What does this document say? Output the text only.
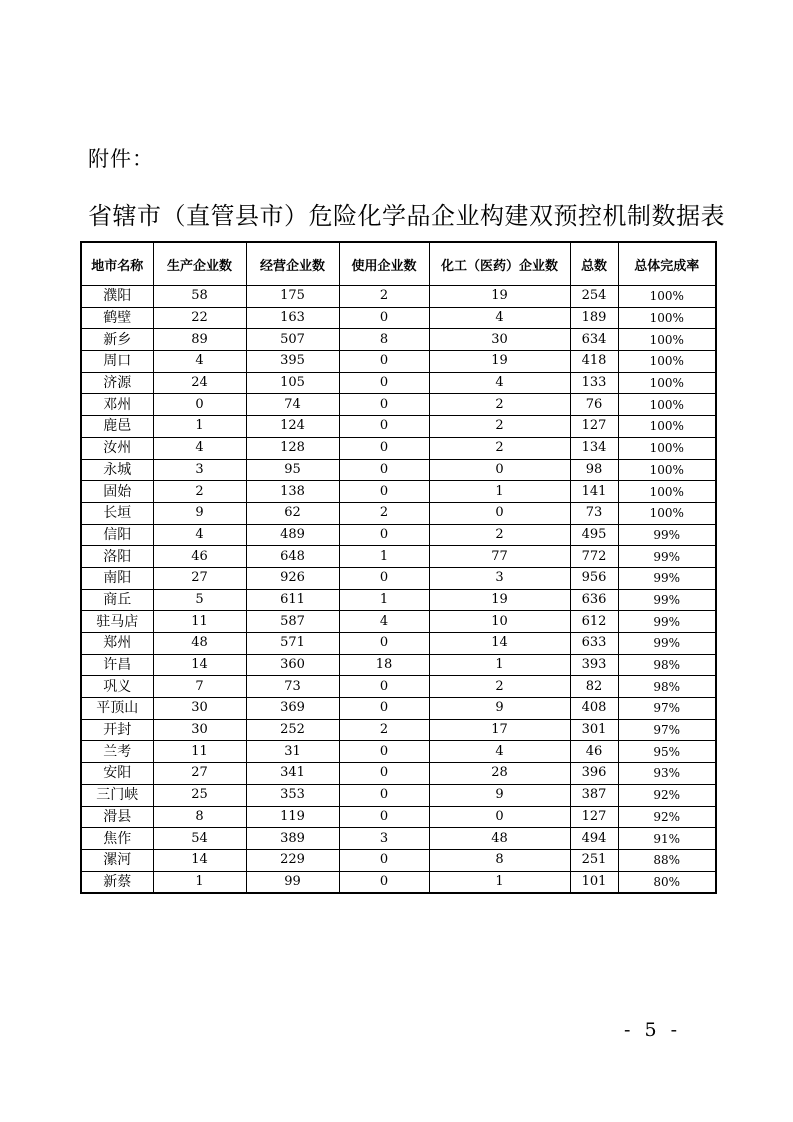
附件：
省辖市（直管县市）危险化学品企业构建双预控机制数据表
地市名称	生产企业数	经营企业数	使用企业数	化工（医药）企业数	总数	总体完成率
濮阳	58	175	2	19	254	100%
鹤壁	22	163	0	4	189	100%
新乡	89	507	8	30	634	100%
周口	4	395	0	19	418	100%
济源	24	105	0	4	133	100%
邓州	0	74	0	2	76	100%
鹿邑	1	124	0	2	127	100%
汝州	4	128	0	2	134	100%
永城	3	95	0	0	98	100%
固始	2	138	0	1	141	100%
长垣	9	62	2	0	73	100%
信阳	4	489	0	2	495	99%
洛阳	46	648	1	77	772	99%
南阳	27	926	0	3	956	99%
商丘	5	611	1	19	636	99%
驻马店	11	587	4	10	612	99%
郑州	48	571	0	14	633	99%
许昌	14	360	18	1	393	98%
巩义	7	73	0	2	82	98%
平顶山	30	369	0	9	408	97%
开封	30	252	2	17	301	97%
兰考	11	31	0	4	46	95%
安阳	27	341	0	28	396	93%
三门峡	25	353	0	9	387	92%
滑县	8	119	0	0	127	92%
焦作	54	389	3	48	494	91%
漯河	14	229	0	8	251	88%
新蔡	1	99	0	1	101	80%
- 5 -
